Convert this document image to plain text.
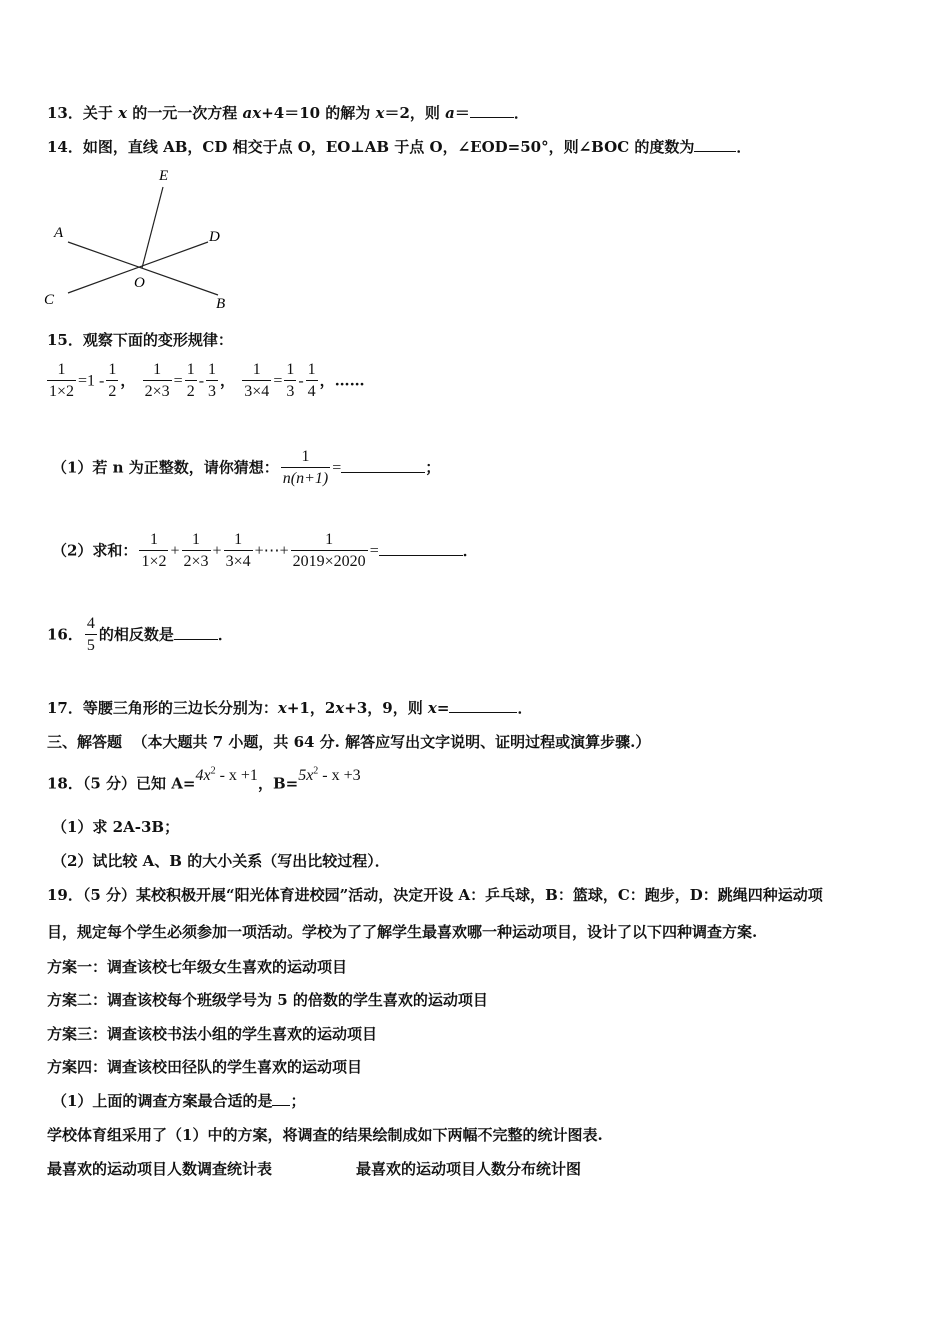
13．关于 x 的一元一次方程 ax+4＝10 的解为 x＝2，则 a＝	．
14．如图，直线 AB，CD 相交于点 O，EO⊥AB 于点 O，∠EOD=50°，则∠BOC 的度数为	．
E
A	D
O
C	B
15．观察下面的变形规律：
$\frac{1}{1\times 2} =1 - \frac{1}{2}$ ， $\frac{1}{2\times 3} = \frac{1}{2} - \frac{1}{3}$ ， $\frac{1}{3\times 4} = \frac{1}{3} - \frac{1}{4}$ ，……
（1）若 n 为正整数，请你猜想： $\frac{1}{n(n+1)}$ =	；
（2）求和： $\frac{1}{1\times 2} + \frac{1}{2\times 3} + \frac{1}{3\times 4}$ +⋯+ $\frac{1}{2019\times 2020}$ =	．
16． $\frac{4}{5}$ 的相反数是	．
17．等腰三角形的三边长分别为：x+1，2x+3，9，则 x=	．
三、解答题 （本大题共 7 小题，共 64 分. 解答应写出文字说明、证明过程或演算步骤.）
18．（5 分）已知 $A=4x^2 - x +1$，$B=5x^2 - x +3$
（1）求 2A-3B；
（2）试比较 A、B 的大小关系（写出比较过程）．
19．（5 分）某校积极开展“阳光体育进校园”活动，决定开设 A：乒乓球，B：篮球，C：跑步，D：跳绳四种运动项
目，规定每个学生必须参加一项活动。学校为了了解学生最喜欢哪一种运动项目，设计了以下四种调查方案.
方案一：调查该校七年级女生喜欢的运动项目
方案二：调查该校每个班级学号为 5 的倍数的学生喜欢的运动项目
方案三：调查该校书法小组的学生喜欢的运动项目
方案四：调查该校田径队的学生喜欢的运动项目
（1）上面的调查方案最合适的是 ；
学校体育组采用了（1）中的方案，将调查的结果绘制成如下两幅不完整的统计图表.
最喜欢的运动项目人数调查统计表	最喜欢的运动项目人数分布统计图
